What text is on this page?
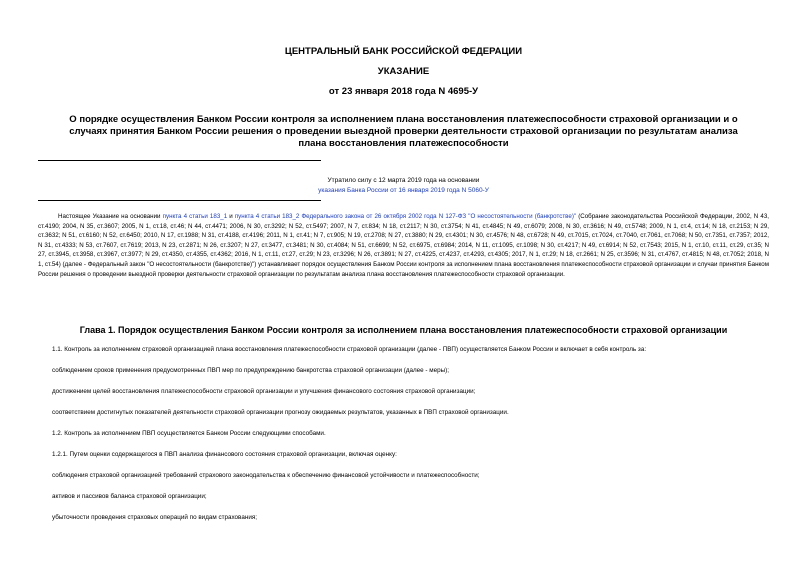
ЦЕНТРАЛЬНЫЙ БАНК РОССИЙСКОЙ ФЕДЕРАЦИИ
УКАЗАНИЕ
от 23 января 2018 года N 4695-У
О порядке осуществления Банком России контроля за исполнением плана восстановления платежеспособности страховой организации и о случаях принятия Банком России решения о проведении выездной проверки деятельности страховой организации по результатам анализа плана восстановления платежеспособности
Утратило силу с 12 марта 2019 года на основании
указания Банка России от 16 января 2019 года N 5060-У
Настоящее Указание на основании пункта 4 статьи 183_1 и пункта 4 статьи 183_2 Федерального закона от 26 октября 2002 года N 127-ФЗ "О несостоятельности (банкротстве)" (Собрание законодательства Российской Федерации, 2002, N 43, ст.4190; 2004, N 35, ст.3607; 2005, N 1, ст.18, ст.46; N 44, ст.4471; 2006, N 30, ст.3292; N 52, ст.5497; 2007, N 7, ст.834; N 18, ст.2117; N 30, ст.3754; N 41, ст.4845; N 49, ст.6079; 2008, N 30, ст.3616; N 49, ст.5748; 2009, N 1, ст.4, ст.14; N 18, ст.2153; N 29, ст.3632; N 51, ст.6160; N 52, ст.6450; 2010, N 17, ст.1988; N 31, ст.4188, ст.4196; 2011, N 1, ст.41; N 7, ст.905; N 19, ст.2708; N 27, ст.3880; N 29, ст.4301; N 30, ст.4576; N 48, ст.6728; N 49, ст.7015, ст.7024, ст.7040, ст.7061, ст.7068; N 50, ст.7351, ст.7357; 2012, N 31, ст.4333; N 53, ст.7607, ст.7619; 2013, N 23, ст.2871; N 26, ст.3207; N 27, ст.3477, ст.3481; N 30, ст.4084; N 51, ст.6699; N 52, ст.6975, ст.6984; 2014, N 11, ст.1095, ст.1098; N 30, ст.4217; N 49, ст.6914; N 52, ст.7543; 2015, N 1, ст.10, ст.11, ст.29, ст.35; N 27, ст.3945, ст.3958, ст.3967, ст.3977; N 29, ст.4350, ст.4355, ст.4362; 2016, N 1, ст.11, ст.27, ст.29; N 23, ст.3296; N 26, ст.3891; N 27, ст.4225, ст.4237, ст.4293, ст.4305; 2017, N 1, ст.29; N 18, ст.2661; N 25, ст.3596; N 31, ст.4767, ст.4815; N 48, ст.7052; 2018, N 1, ст.54) (далее - Федеральный закон "О несостоятельности (банкротстве)") устанавливает порядок осуществления Банком России контроля за исполнением плана восстановления платежеспособности страховой организации и случаи принятия Банком России решения о проведении выездной проверки деятельности страховой организации по результатам анализа плана восстановления платежеспособности страховой организации.
Глава 1. Порядок осуществления Банком России контроля за исполнением плана восстановления платежеспособности страховой организации
1.1. Контроль за исполнением страховой организацией плана восстановления платежеспособности страховой организации (далее - ПВП) осуществляется Банком России и включает в себя контроль за:
соблюдением сроков применения предусмотренных ПВП мер по предупреждению банкротства страховой организации (далее - меры);
достижением целей восстановления платежеспособности страховой организации и улучшения финансового состояния страховой организации;
соответствием достигнутых показателей деятельности страховой организации прогнозу ожидаемых результатов, указанных в ПВП страховой организации.
1.2. Контроль за исполнением ПВП осуществляется Банком России следующими способами.
1.2.1. Путем оценки содержащегося в ПВП анализа финансового состояния страховой организации, включая оценку:
соблюдения страховой организацией требований страхового законодательства к обеспечению финансовой устойчивости и платежеспособности;
активов и пассивов баланса страховой организации;
убыточности проведения страховых операций по видам страхования;
